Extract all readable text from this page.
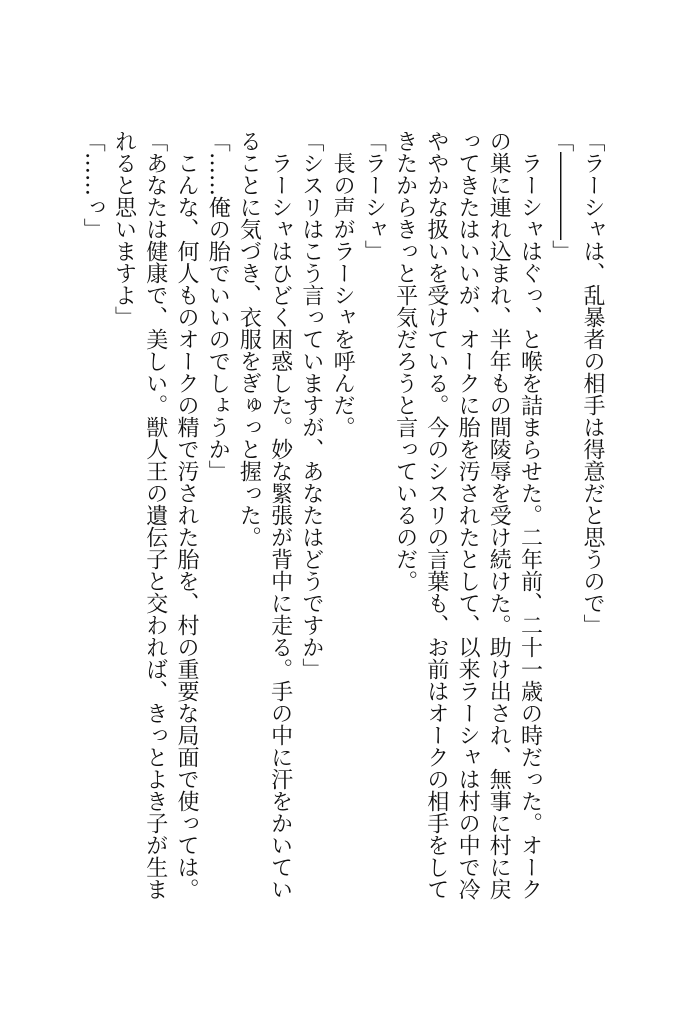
「ラーシャは、乱暴者の相手は得意だと思うので」

「――――」

　ラーシャはぐっ、と喉を詰まらせた。二年前、二十一歳の時だった。オークの巣に連れ込まれ、半年もの間陵辱を受け続けた。助け出され、無事に村に戻ってきたはいいが、オークに胎を汚されたとして、以来ラーシャは村の中で冷ややかな扱いを受けている。今のシスリの言葉も、お前はオークの相手をしてきたからきっと平気だろうと言っているのだ。

「ラーシャ」

　長の声がラーシャを呼んだ。

「シスリはこう言っていますが、あなたはどうですか」

　ラーシャはひどく困惑した。妙な緊張が背中に走る。手の中に汗をかいていることに気づき、衣服をぎゅっと握った。

「……俺の胎でいいのでしょうか」

　こんな、何人ものオークの精で汚された胎を、村の重要な局面で使っては。

「あなたは健康で、美しい。獣人王の遺伝子と交われば、きっとよき子が生まれると思いますよ」

「……っ」
